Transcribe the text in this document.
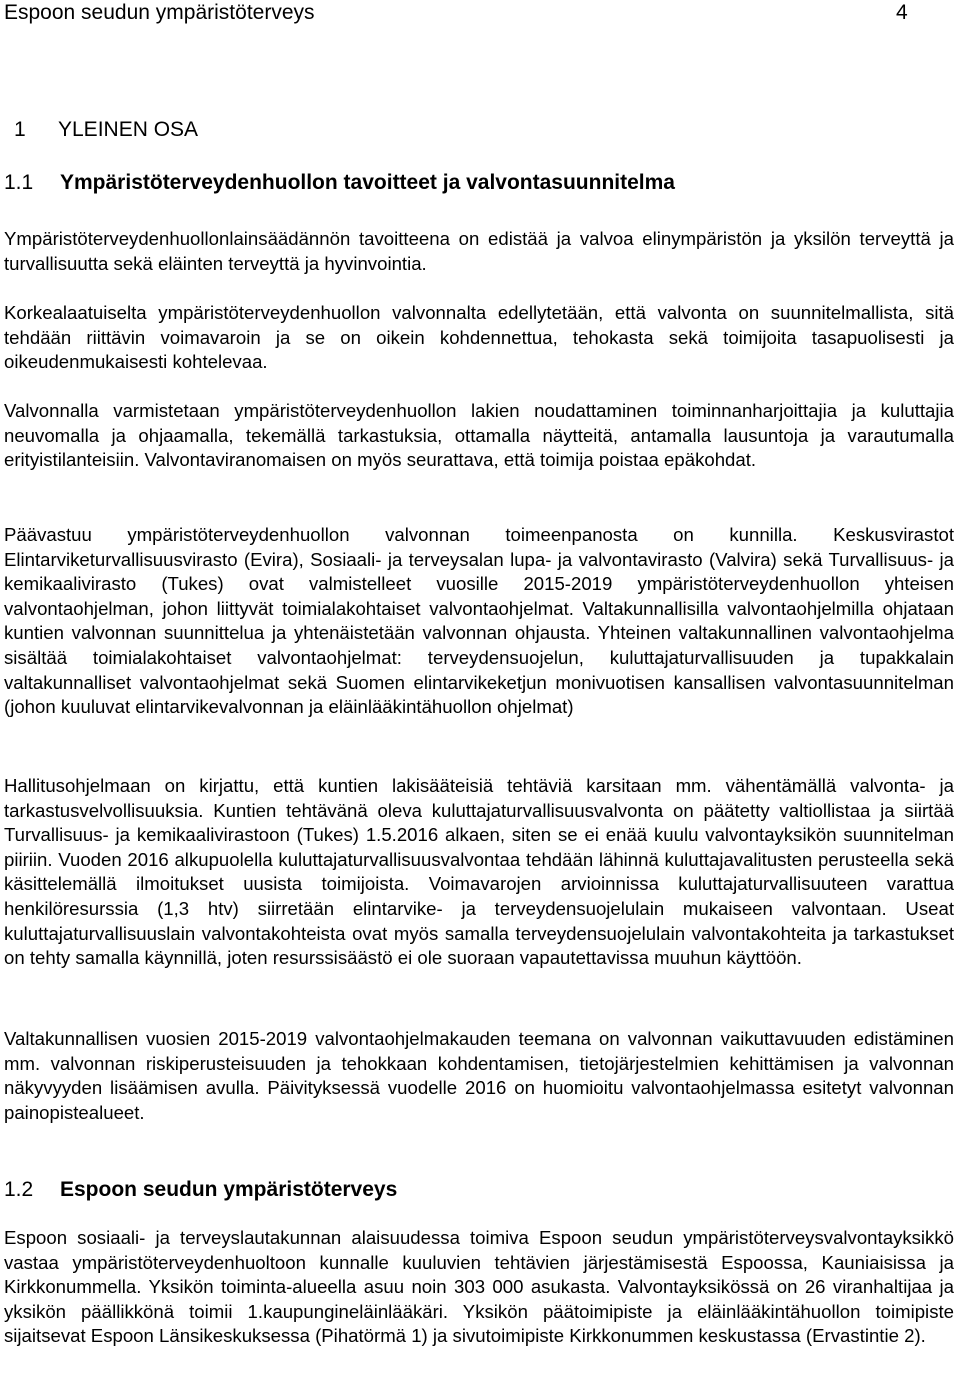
Espoon seudun ympäristöterveys	4
1 YLEINEN OSA
1.1 Ympäristöterveydenhuollon tavoitteet ja valvontasuunnitelma

Ympäristöterveydenhuollonlainsäädännön tavoitteena on edistää ja valvoa elinympäristön ja yksilön terveyttä ja turvallisuutta sekä eläinten terveyttä ja hyvinvointia.

Korkealaatuiselta ympäristöterveydenhuollon valvonnalta edellytetään, että valvonta on suunnitelmallista, sitä tehdään riittävin voimavaroin ja se on oikein kohdennettua, tehokasta sekä toimijoita tasapuolisesti ja oikeudenmukaisesti kohtelevaa.

Valvonnalla varmistetaan ympäristöterveydenhuollon lakien noudattaminen toiminnanharjoittajia ja kuluttajia neuvomalla ja ohjaamalla, tekemällä tarkastuksia, ottamalla näytteitä, antamalla lausuntoja ja varautumalla erityistilanteisiin. Valvontaviranomaisen on myös seurattava, että toimija poistaa epäkohdat.

Päävastuu ympäristöterveydenhuollon valvonnan toimeenpanosta on kunnilla. Keskusvirastot Elintarviketurvallisuusvirasto (Evira), Sosiaali- ja terveysalan lupa- ja valvontavirasto (Valvira) sekä Turvallisuus- ja kemikaalivirasto (Tukes) ovat valmistelleet vuosille 2015-2019 ympäristöterveydenhuollon yhteisen valvontaohjelman, johon liittyvät toimialakohtaiset valvontaohjelmat. Valtakunnallisilla valvontaohjelmilla ohjataan kuntien valvonnan suunnittelua ja yhtenäistetään valvonnan ohjausta. Yhteinen valtakunnallinen valvontaohjelma sisältää toimialakohtaiset valvontaohjelmat: terveydensuojelun, kuluttajaturvallisuuden ja tupakkalain valtakunnalliset valvontaohjelmat sekä Suomen elintarvikeketjun monivuotisen kansallisen valvontasuunnitelman (johon kuuluvat elintarvikevalvonnan ja eläinlääkintähuollon ohjelmat)

Hallitusohjelmaan on kirjattu, että kuntien lakisääteisiä tehtäviä karsitaan mm. vähentämällä valvonta- ja tarkastusvelvollisuuksia. Kuntien tehtävänä oleva kuluttajaturvallisuusvalvonta on päätetty valtiollistaa ja siirtää Turvallisuus- ja kemikaalivirastoon (Tukes) 1.5.2016 alkaen, siten se ei enää kuulu valvontayksikön suunnitelman piiriin. Vuoden 2016 alkupuolella kuluttajaturvallisuusvalvontaa tehdään lähinnä kuluttajavalitusten perusteella sekä käsittelemällä ilmoitukset uusista toimijoista. Voimavarojen arvioinnissa kuluttajaturvallisuuteen varattua henkilöresurssia (1,3 htv) siirretään elintarvike- ja terveydensuojelulain mukaiseen valvontaan. Useat kuluttajaturvallisuuslain valvontakohteista ovat myös samalla terveydensuojelulain valvontakohteita ja tarkastukset on tehty samalla käynnillä, joten resurssisäästö ei ole suoraan vapautettavissa muuhun käyttöön.

Valtakunnallisen vuosien 2015-2019 valvontaohjelmakauden teemana on valvonnan vaikuttavuuden edistäminen mm. valvonnan riskiperusteisuuden ja tehokkaan kohdentamisen, tietojärjestelmien kehittämisen ja valvonnan näkyvyyden lisäämisen avulla. Päivityksessä vuodelle 2016 on huomioitu valvontaohjelmassa esitetyt valvonnan painopistealueet.

1.2 Espoon seudun ympäristöterveys

Espoon sosiaali- ja terveyslautakunnan alaisuudessa toimiva Espoon seudun ympäristöterveysvalvontayksikkö vastaa ympäristöterveydenhuoltoon kunnalle kuuluvien tehtävien järjestämisestä Espoossa, Kauniaisissa ja Kirkkonummella. Yksikön toiminta-alueella asuu noin 303 000 asukasta. Valvontayksikössä on 26 viranhaltijaa ja yksikön päällikkönä toimii 1.kaupungineläinlääkäri. Yksikön päätoimipiste ja eläinlääkintähuollon toimipiste sijaitsevat Espoon Länsikeskuksessa (Pihatörmä 1) ja sivutoimipiste Kirkkonummen keskustassa (Ervastintie 2).
